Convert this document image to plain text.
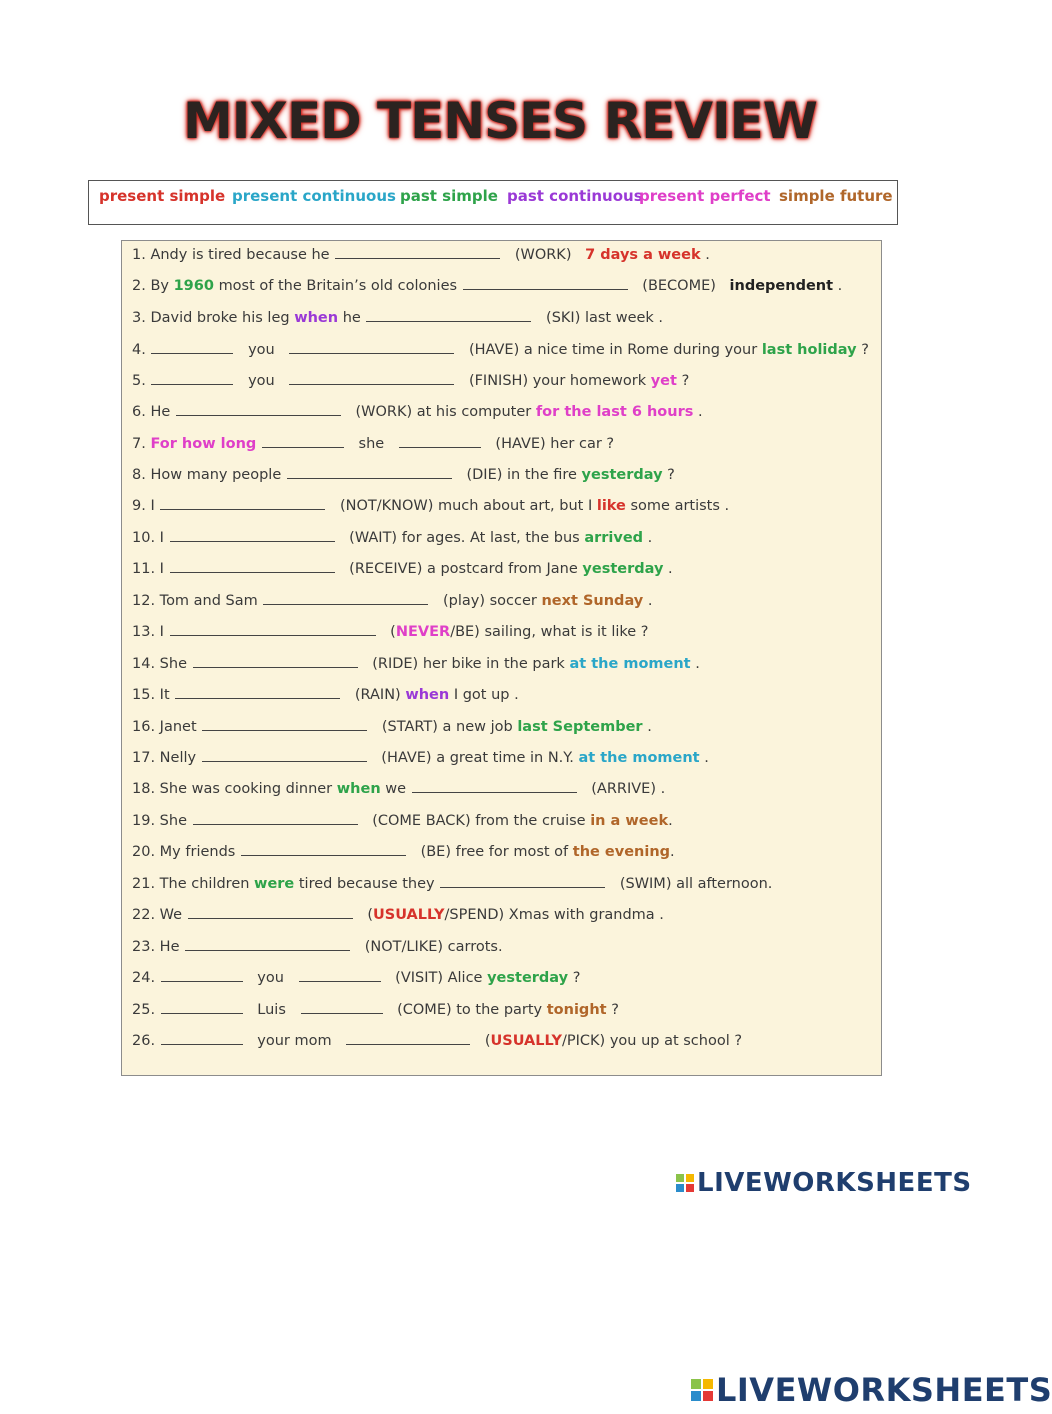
MIXED TENSES REVIEW
present simple present continuous past simple past continuous
present perfect simple future
1. Andy is tired because he	(WORK) 7 days a week .
2. By 1960 most of the Britain’s old colonies	(BECOME) independent .
3. David broke his leg when he	(SKI) last week .
4.	you	(HAVE) a nice time in Rome during your last holiday ?
5.	you	(FINISH) your homework yet ?
6. He	(WORK) at his computer for the last 6 hours .
7. For how long	she	(HAVE) her car ?
8. How many people	(DIE) in the fire yesterday ?
9. I	(NOT/KNOW) much about art, but I like some artists .
10. I	(WAIT) for ages. At last, the bus arrived .
11. I	(RECEIVE) a postcard from Jane yesterday .
12. Tom and Sam	(play) soccer next Sunday .
13. I	(NEVER/BE) sailing, what is it like ?
14. She	(RIDE) her bike in the park at the moment .
15. It	(RAIN) when I got up .
16. Janet	(START) a new job last September .
17. Nelly	(HAVE) a great time in N.Y. at the moment .
18. She was cooking dinner when we	(ARRIVE) .
19. She	(COME BACK) from the cruise in a week.
20. My friends	(BE) free for most of the evening.
21. The children were tired because they	(SWIM) all afternoon.
22. We	(USUALLY/SPEND) Xmas with grandma .
23. He	(NOT/LIKE) carrots.
24.	you	(VISIT) Alice yesterday ?
25.	Luis	(COME) to the party tonight ?
26.	your mom	(USUALLY/PICK) you up at school ?
LIVEWORKSHEETS
LIVEWORKSHEETS
